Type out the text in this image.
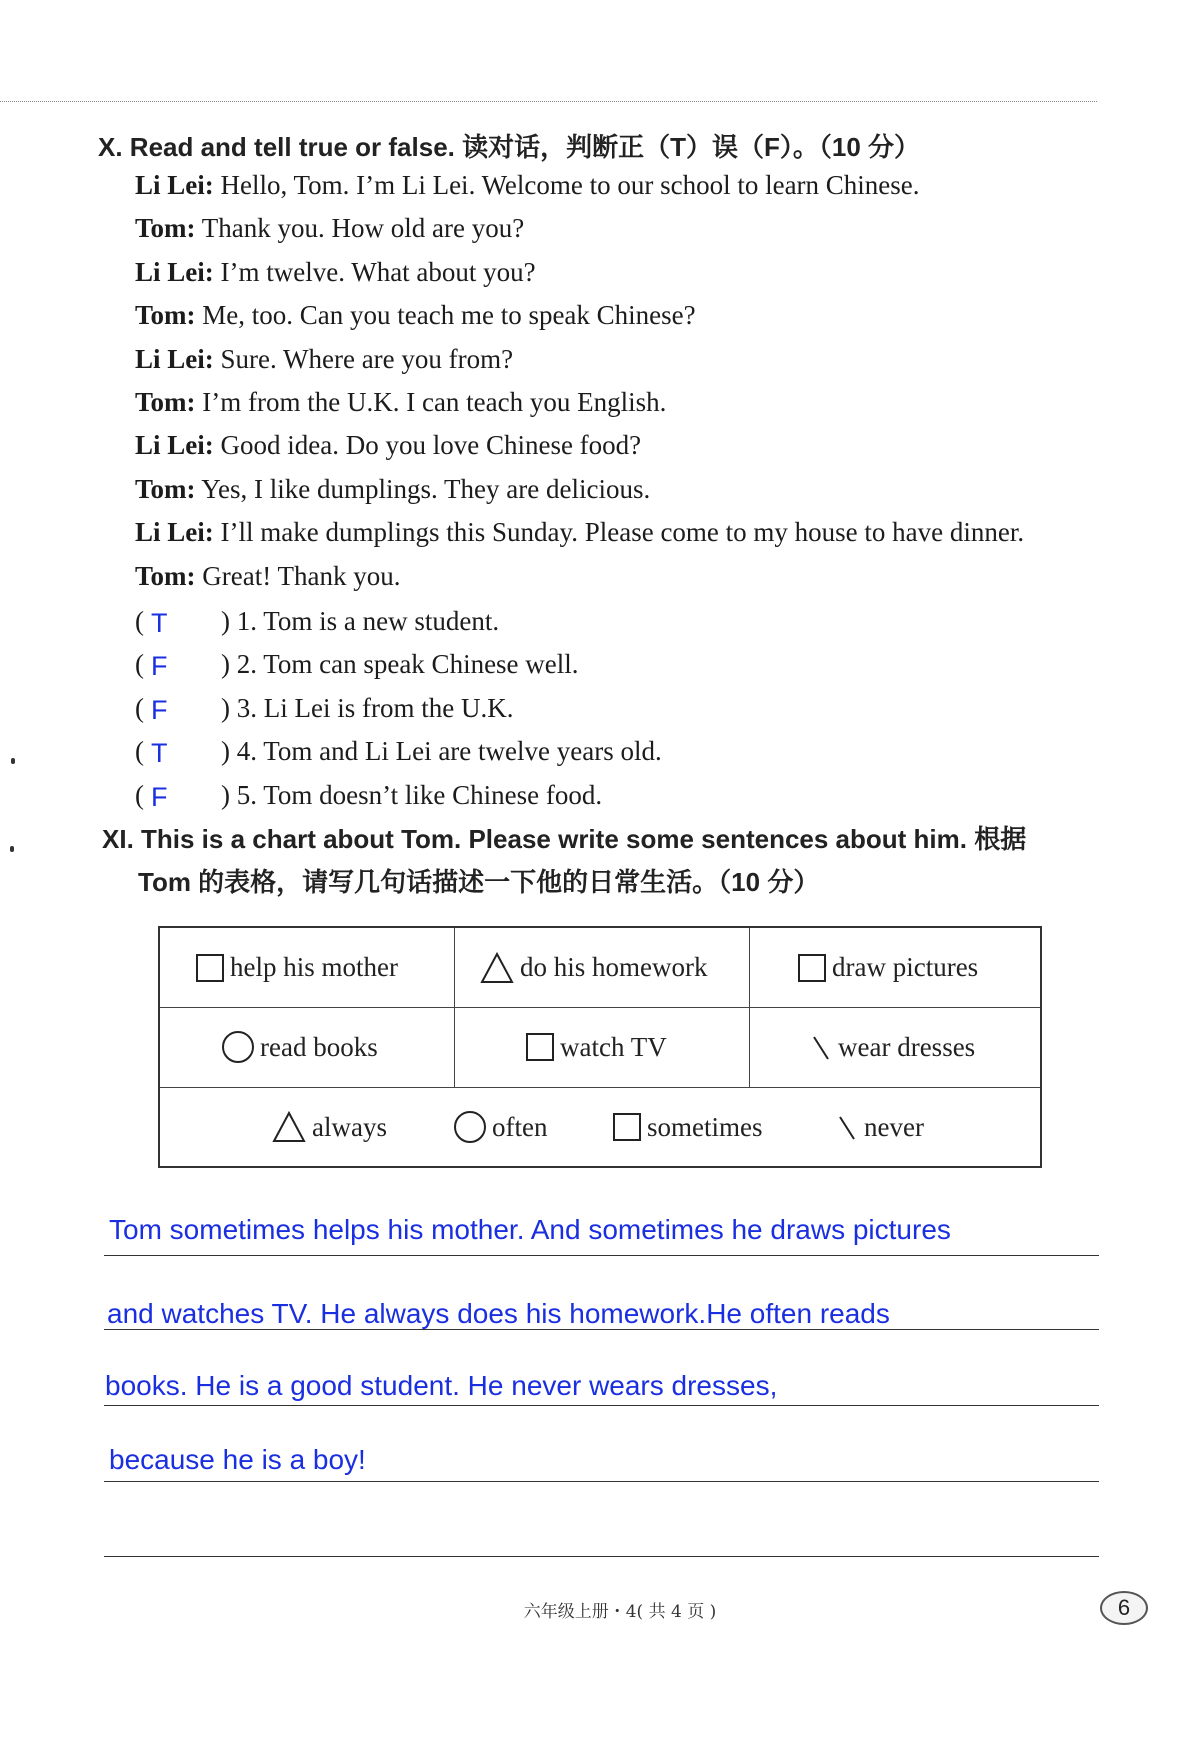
X. Read and tell true or false. 读对话，判断正（T）误（F）。（10 分）
Li Lei: Hello, Tom. I’m Li Lei. Welcome to our school to learn Chinese.
Tom: Thank you. How old are you?
Li Lei: I’m twelve. What about you?
Tom: Me, too. Can you teach me to speak Chinese?
Li Lei: Sure. Where are you from?
Tom: I’m from the U.K. I can teach you English.
Li Lei: Good idea. Do you love Chinese food?
Tom: Yes, I like dumplings. They are delicious.
Li Lei: I’ll make dumplings this Sunday. Please come to my house to have dinner.
Tom: Great! Thank you.
( T ) 1. Tom is a new student.
( F ) 2. Tom can speak Chinese well.
( F ) 3. Li Lei is from the U.K.
( T ) 4. Tom and Li Lei are twelve years old.
( F ) 5. Tom doesn’t like Chinese food.
XI. This is a chart about Tom. Please write some sentences about him. 根据
Tom 的表格，请写几句话描述一下他的日常生活。（10 分）
help his mother	do his homework	draw pictures
read books	watch TV	wear dresses
always	often	sometimes	never
Tom sometimes helps his mother. And sometimes he draws pictures
and watches TV. He always does his homework.He often reads
books. He is a good student. He never wears dresses,
because he is a boy!
六年级上册・4( 共 4 页 )	6
